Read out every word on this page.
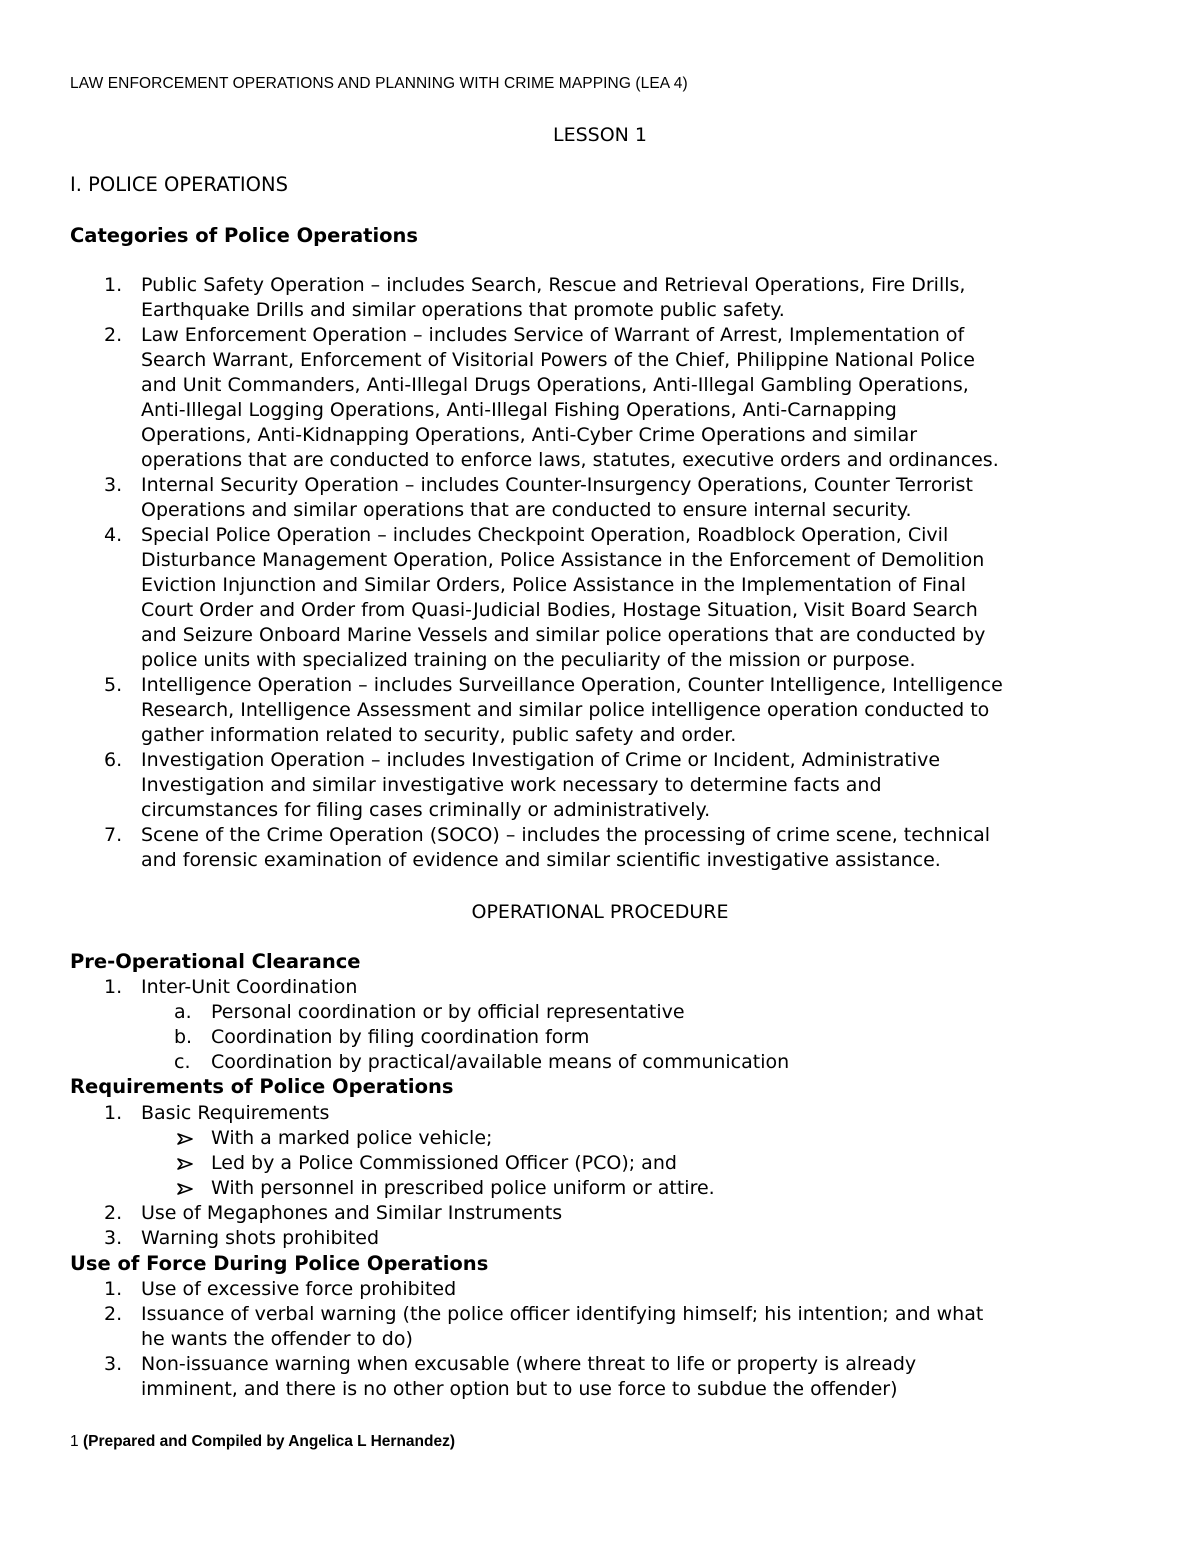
LAW ENFORCEMENT OPERATIONS AND PLANNING WITH CRIME MAPPING (LEA 4)
LESSON 1
I. POLICE OPERATIONS
Categories of Police Operations
1. Public Safety Operation – includes Search, Rescue and Retrieval Operations, Fire Drills,
Earthquake Drills and similar operations that promote public safety.
2. Law Enforcement Operation – includes Service of Warrant of Arrest, Implementation of
Search Warrant, Enforcement of Visitorial Powers of the Chief, Philippine National Police
and Unit Commanders, Anti-Illegal Drugs Operations, Anti-Illegal Gambling Operations,
Anti-Illegal Logging Operations, Anti-Illegal Fishing Operations, Anti-Carnapping
Operations, Anti-Kidnapping Operations, Anti-Cyber Crime Operations and similar
operations that are conducted to enforce laws, statutes, executive orders and ordinances.
3. Internal Security Operation – includes Counter-Insurgency Operations, Counter Terrorist
Operations and similar operations that are conducted to ensure internal security.
4. Special Police Operation – includes Checkpoint Operation, Roadblock Operation, Civil
Disturbance Management Operation, Police Assistance in the Enforcement of Demolition
Eviction Injunction and Similar Orders, Police Assistance in the Implementation of Final
Court Order and Order from Quasi-Judicial Bodies, Hostage Situation, Visit Board Search
and Seizure Onboard Marine Vessels and similar police operations that are conducted by
police units with specialized training on the peculiarity of the mission or purpose.
5. Intelligence Operation – includes Surveillance Operation, Counter Intelligence, Intelligence
Research, Intelligence Assessment and similar police intelligence operation conducted to
gather information related to security, public safety and order.
6. Investigation Operation – includes Investigation of Crime or Incident, Administrative
Investigation and similar investigative work necessary to determine facts and
circumstances for filing cases criminally or administratively.
7. Scene of the Crime Operation (SOCO) – includes the processing of crime scene, technical
and forensic examination of evidence and similar scientific investigative assistance.
OPERATIONAL PROCEDURE
Pre-Operational Clearance
1. Inter-Unit Coordination
a.	Personal coordination or by official representative
b. Coordination by filing coordination form
c.	Coordination by practical/available means of communication
Requirements of Police Operations
1. Basic Requirements
With a marked police vehicle;
Led by a Police Commissioned Officer (PCO); and
With personnel in prescribed police uniform or attire.
2. Use of Megaphones and Similar Instruments
3. Warning shots prohibited
Use of Force During Police Operations
1. Use of excessive force prohibited
2. Issuance of verbal warning (the police officer identifying himself; his intention; and what
he wants the offender to do)
3. Non-issuance warning when excusable (where threat to life or property is already
imminent, and there is no other option but to use force to subdue the offender)
1 (Prepared and Compiled by Angelica L Hernandez)
